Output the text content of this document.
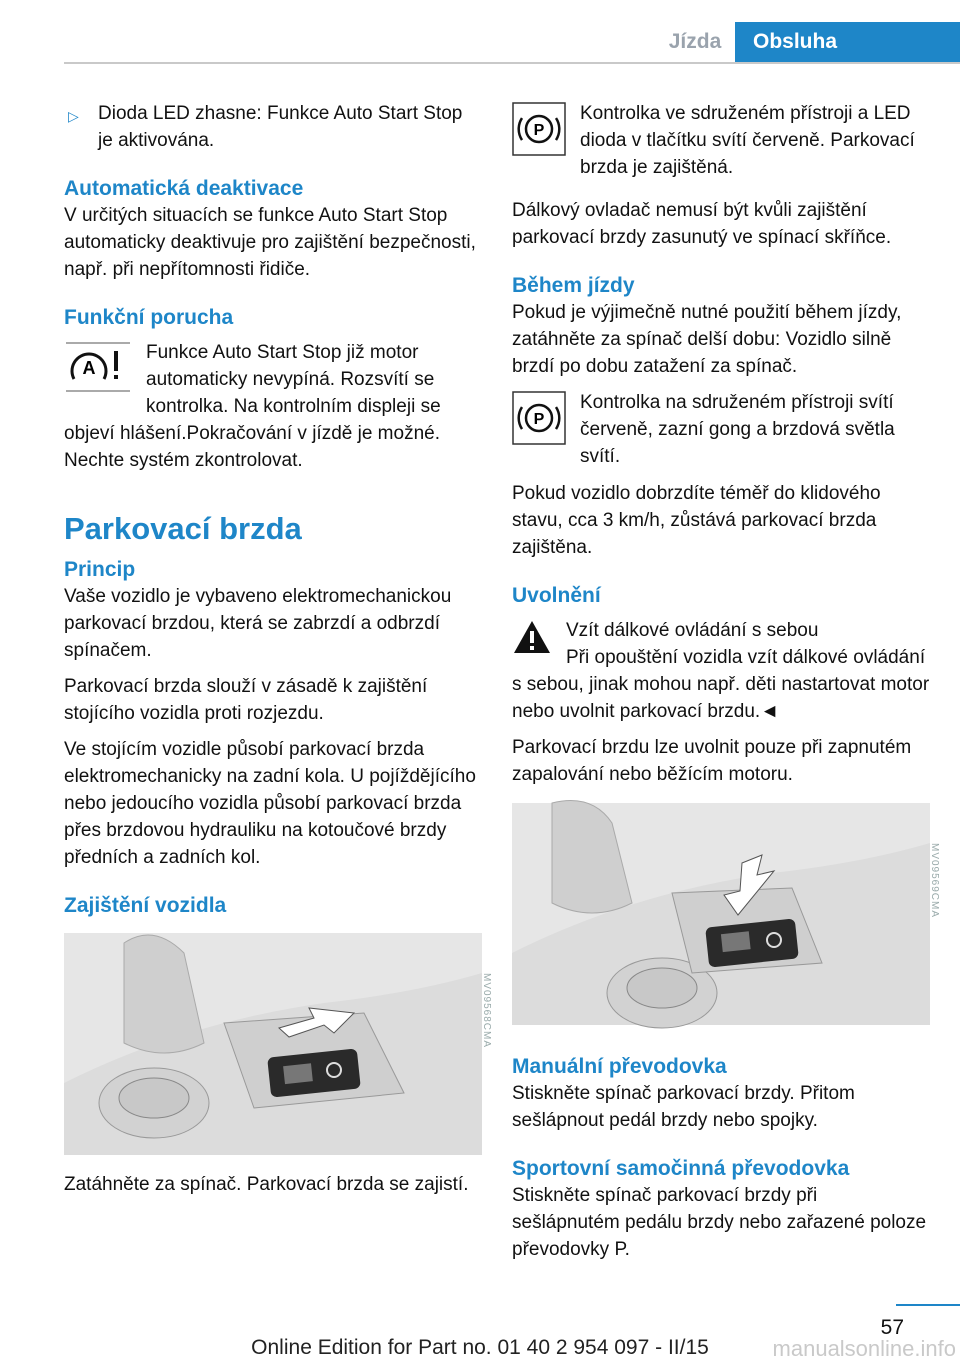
Jízda	Obsluha

▷ Dioda LED zhasne: Funkce Auto Start Stop je aktivována.

Automatická deaktivace

V určitých situacích se funkce Auto Start Stop automaticky deaktivuje pro zajištění bezpečnosti, např. při nepřítomnosti řidiče.

Funkční porucha

A

Funkce Auto Start Stop již motor automaticky nevypíná. Rozsvítí se kontrolka. Na kontrolním displeji se objeví hlášení.Pokračování v jízdě je možné. Nechte systém zkontrolovat.

Parkovací brzda

Princip

Vaše vozidlo je vybaveno elektromechanickou parkovací brzdou, která se zabrzdí a odbrzdí spínačem.

Parkovací brzda slouží v zásadě k zajištění stojícího vozidla proti rozjezdu.

Ve stojícím vozidle působí parkovací brzda elektromechanicky na zadní kola. U pojíždějícího nebo jedoucího vozidla působí parkovací brzda přes brzdovou hydrauliku na kotoučové brzdy předních a zadních kol.

Zajištění vozidla

MV09568CMA

Zatáhněte za spínač. Parkovací brzda se zajistí.

P

Kontrolka ve sdruženém přístroji a LED dioda v tlačítku svítí červeně. Parkovací brzda je zajištěná.

Dálkový ovladač nemusí být kvůli zajištění parkovací brzdy zasunutý ve spínací skříňce.

Během jízdy

Pokud je výjimečně nutné použití během jízdy, zatáhněte za spínač delší dobu: Vozidlo silně brzdí po dobu zatažení za spínač.

P

Kontrolka na sdruženém přístroji svítí červeně, zazní gong a brzdová světla svítí.

Pokud vozidlo dobrzdíte téměř do klidového stavu, cca 3 km/h, zůstává parkovací brzda zajištěna.

Uvolnění

Vzít dálkové ovládání s sebou

Při opouštění vozidla vzít dálkové ovládání s sebou, jinak mohou např. děti nastartovat motor nebo uvolnit parkovací brzdu.◄

Parkovací brzdu lze uvolnit pouze při zapnutém zapalování nebo běžícím motoru.

MV09569CMA

Manuální převodovka

Stiskněte spínač parkovací brzdy. Přitom sešlápnout pedál brzdy nebo spojky.

Sportovní samočinná převodovka

Stiskněte spínač parkovací brzdy při sešlápnutém pedálu brzdy nebo zařazené poloze převodovky P.

57
Online Edition for Part no. 01 40 2 954 097 - II/15	manualsonline.info
